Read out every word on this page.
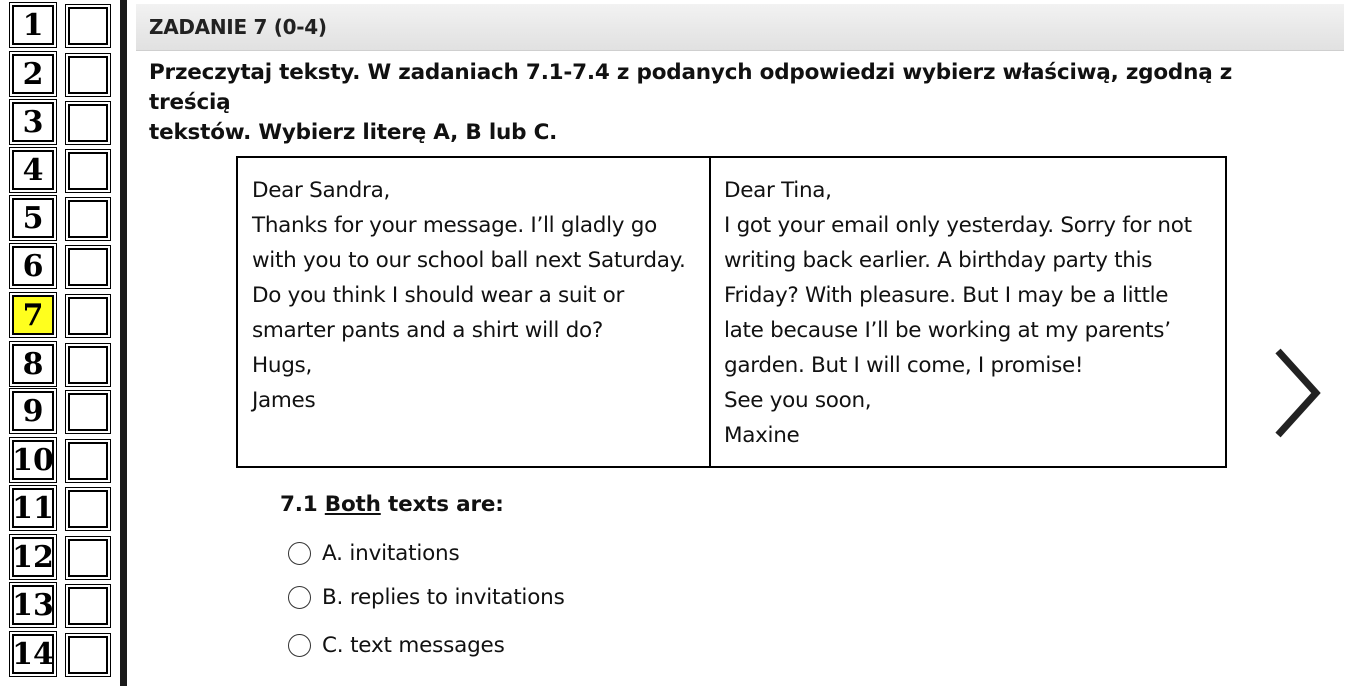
1
2
3
4
5
6
7
8
9
10
11
12
13
14
ZADANIE 7 (0-4)
Przeczytaj teksty. W zadaniach 7.1-7.4 z podanych odpowiedzi wybierz właściwą, zgodną z treścią
tekstów. Wybierz literę A, B lub C.
Dear Sandra,
Thanks for your message. I’ll gladly go
with you to our school ball next Saturday.
Do you think I should wear a suit or
smarter pants and a shirt will do?
Hugs,
James
Dear Tina,
I got your email only yesterday. Sorry for not
writing back earlier. A birthday party this
Friday? With pleasure. But I may be a little
late because I’ll be working at my parents’
garden. But I will come, I promise!
See you soon,
Maxine
7.1 Both texts are:
A. invitations
B. replies to invitations
C. text messages
